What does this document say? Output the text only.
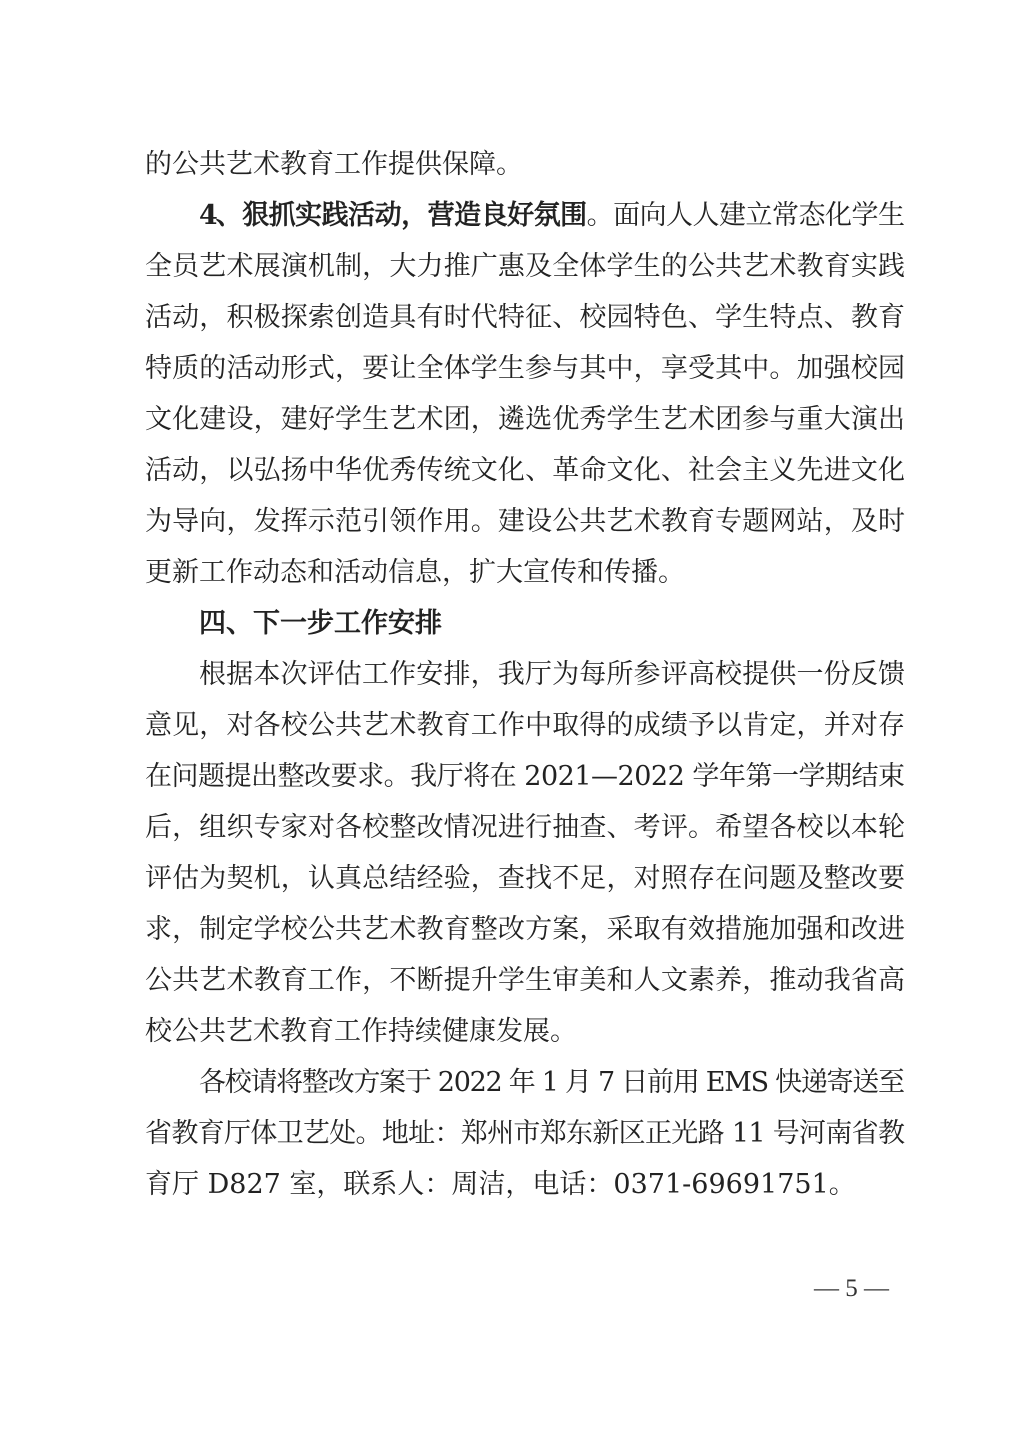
的公共艺术教育工作提供保障。
4
、 狠 抓 实 践 活 动 ， 营 造 良 好 氛 围 。 面 向 人 人 建 立 常 态 化 学 生
全 员 艺 术 展 演 机 制 ， 大 力 推 广 惠 及 全 体 学 生 的 公 共 艺 术 教 育 实 践
活 动 ， 积 极 探 索 创 造 具 有 时 代 特 征 、 校 园 特 色 、 学 生 特 点 、 教 育
特 质 的 活 动 形 式 ， 要 让 全 体 学 生 参 与 其 中 ， 享 受 其 中 。 加 强 校 园
文 化 建 设 ， 建 好 学 生 艺 术 团 ， 遴 选 优 秀 学 生 艺 术 团 参 与 重 大 演 出
活 动 ， 以 弘 扬 中 华 优 秀 传 统 文 化 、 革 命 文 化 、 社 会 主 义 先 进 文 化
为 导 向 ， 发 挥 示 范 引 领 作 用 。 建 设 公 共 艺 术 教 育 专 题 网 站 ， 及 时
更新工作动态和活动信息，扩大宣传和传播。
四、下一步工作安排
根 据 本 次 评 估 工 作 安 排 ， 我 厅 为 每 所 参 评 高 校 提 供 一 份 反 馈
意 见 ， 对 各 校 公 共 艺 术 教 育 工 作 中 取 得 的 成 绩 予 以 肯 定 ， 并 对 存
在 问 题 提 出 整 改 要 求 。 我 厅 将 在 2 0 2 1 — 2 0 2 2 学 年 第 一 学 期 结 束
后 ， 组 织 专 家 对 各 校 整 改 情 况 进 行 抽 查 、 考 评 。 希 望 各 校 以 本 轮
评 估 为 契 机 ， 认 真 总 结 经 验 ， 查 找 不 足 ， 对 照 存 在 问 题 及 整 改 要
求 ， 制 定 学 校 公 共 艺 术 教 育 整 改 方 案 ， 采 取 有 效 措 施 加 强 和 改 进
公 共 艺 术 教 育 工 作 ， 不 断 提 升 学 生 审 美 和 人 文 素 养 ， 推 动 我 省 高
校公共艺术教育工作持续健康发展。
各
校
请
将
整
改
方
案
于 2
0
2
2 年 1 月 7 日
前
用 E
M
S 快
递
寄
送
至
省 教 育 厅 体 卫 艺 处 。 地 址 ： 郑 州 市 郑 东 新 区 正 光 路 1 1 号 河 南 省 教
育厅 D827 室，联系人：周洁，电话：0371-69691751。
— 5 —
